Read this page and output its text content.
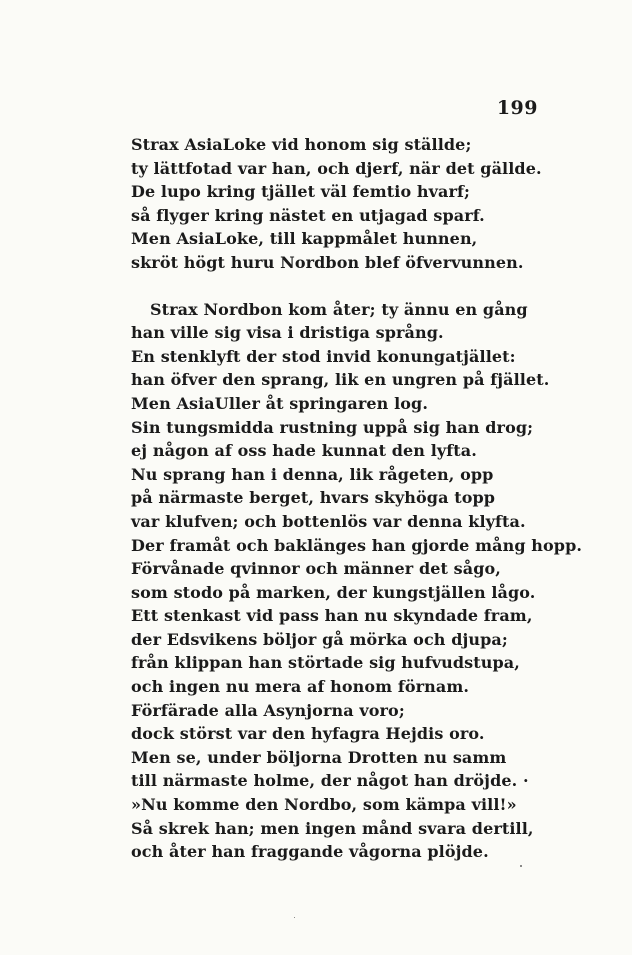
199
Strax AsiaLoke vid honom sig ställde;
ty lättfotad var han, och djerf, när det gällde.
De lupo kring tjället väl femtio hvarf;
så flyger kring nästet en utjagad sparf.
Men AsiaLoke, till kappmålet hunnen,
skröt högt huru Nordbon blef öfvervunnen.
Strax Nordbon kom åter; ty ännu en gång
han ville sig visa i dristiga språng.
En stenklyft der stod invid konungatjället:
han öfver den sprang, lik en ungren på fjället.
Men AsiaUller åt springaren log.
Sin tungsmidda rustning uppå sig han drog;
ej någon af oss hade kunnat den lyfta.
Nu sprang han i denna, lik rågeten, opp
på närmaste berget, hvars skyhöga topp
var klufven; och bottenlös var denna klyfta.
Der framåt och baklänges han gjorde mång hopp.
Förvånade qvinnor och männer det sågo,
som stodo på marken, der kungstjällen lågo.
Ett stenkast vid pass han nu skyndade fram,
der Edsvikens böljor gå mörka och djupa;
från klippan han störtade sig hufvudstupa,
och ingen nu mera af honom förnam.
Förfärade alla Asynjorna voro;
dock störst var den hyfagra Hejdis oro.
Men se, under böljorna Drotten nu samm
till närmaste holme, der något han dröjde. ·
»Nu komme den Nordbo, som kämpa vill!»
Så skrek han; men ingen månd svara dertill,
och åter han fraggande vågorna plöjde.
